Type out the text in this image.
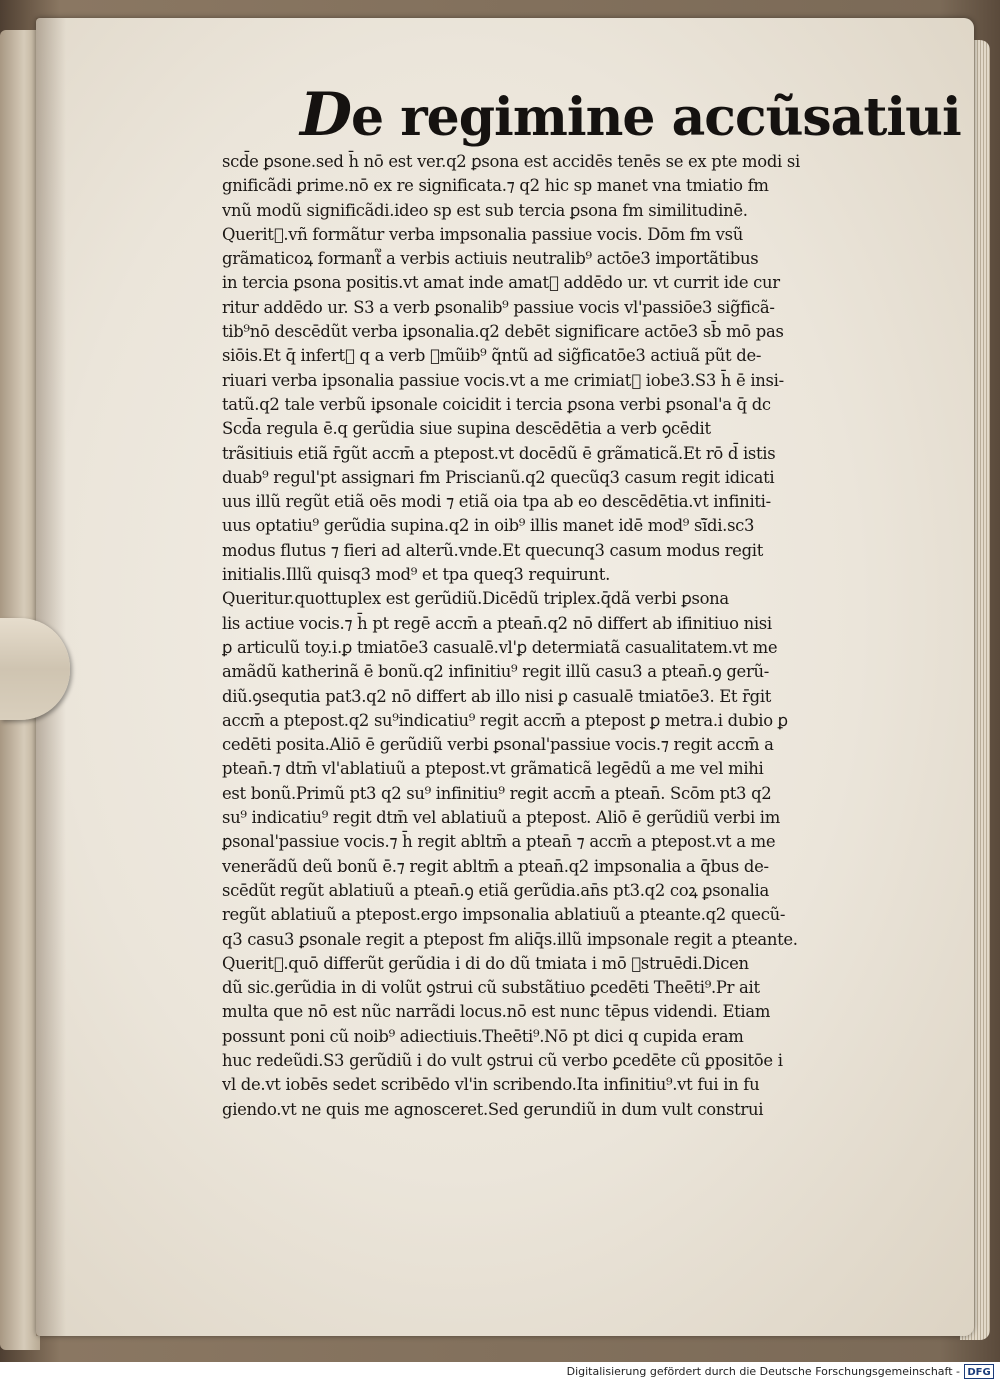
De regimine accũsatiui
scd̄e ꝑsone.sed h̄ nō est ver.q2 ꝑsona est accidēs tenēs se ex pte modi si
gnificãdi ꝑrime.nō ex re significata.⁊ q2 hic sp manet vna tmiatio fm
vnũ modũ significãdi.ideo sp est sub tercia ꝑsona fm similitudinē.
Querit᷑.vñ formãtur verba impsonalia passiue vocis. Dōm fm vsũ
grãmaticoꝝ formant᷑ a verbis actiuis neutralib⁹ actōe3 importãtibus
in tercia ꝑsona positis.vt amat inde amat᷑ addēdo ur. vt currit ide cur
ritur addēdo ur. S3 a verb ꝑsonalib⁹ passiue vocis vl'passiōe3 sig̃ficã-
tib⁹nō descēdũt verba iꝑsonalia.q2 debēt significare actōe3 sb̄ mō pas
siōis.Et q̄ infert᷑ q a verb ꝯmũib⁹ q̃ntũ ad sig̃ficatōe3 actiuã pũt de-
riuari verba ipsonalia passiue vocis.vt a me crimiat᷑ iobe3.S3 h̄ ē insi-
tatũ.q2 tale verbũ iꝑsonale coicidit i tercia ꝑsona verbi ꝑsonal'a q̄ dc
Scd̄a regula ē.q gerũdia siue supina descēdētia a verb ꝯcēdit
trãsitiuis etiã r̄gũt accm̄ a ptepost.vt docēdũ ē grãmaticã.Et rō d̄ istis
duab⁹ regul'pt assignari fm Priscianũ.q2 quecũq3 casum regit idicati
uus illũ regũt etiã oēs modi ⁊ etiã oia tpa ab eo descēdētia.vt infiniti-
uus optatiu⁹ gerũdia supina.q2 in oib⁹ illis manet idē mod⁹ sĩ̄di.sc3
modus flutus ⁊ fieri ad alterũ.vnde.Et quecunq3 casum modus regit
initialis.Illũ quisq3 mod⁹ et tpa queq3 requirunt.
Queritur.quottuplex est gerũdiũ.Dicēdũ triplex.q̄dã verbi ꝑsona
lis actiue vocis.⁊ h̄ pt regē accm̄ a ptean̄.q2 nō differt ab ifinitiuo nisi
ꝑ articulũ toy.i.ꝑ tmiatōe3 casualē.vl'ꝑ determiatã casualitatem.vt me
amãdũ katherinã ē bonũ.q2 infinitiu⁹ regit illũ casu3 a ptean̄.ꝯ gerũ-
diũ.ꝯsequtia pat3.q2 nō differt ab illo nisi ꝑ casualē tmiatōe3. Et r̄git
accm̄ a ptepost.q2 su⁹indicatiu⁹ regit accm̄ a ptepost ꝑ metra.i dubio ꝑ
cedēti posita.Aliō ē gerũdiũ verbi ꝑsonal'passiue vocis.⁊ regit accm̄ a
ptean̄.⁊ dtm̄ vl'ablatiuũ a ptepost.vt grãmaticã legēdũ a me vel mihi
est bonũ.Primũ pt3 q2 su⁹ infinitiu⁹ regit accm̄ a ptean̄. Scōm pt3 q2
su⁹ indicatiu⁹ regit dtm̄ vel ablatiuũ a ptepost. Aliō ē gerũdiũ verbi im
ꝑsonal'passiue vocis.⁊ h̄ regit abltm̄ a ptean̄ ⁊ accm̄ a ptepost.vt a me
venerãdũ deũ bonũ ē.⁊ regit abltm̄ a ptean̄.q2 impsonalia a q̄bus de-
scēdũt regũt ablatiuũ a ptean̄.ꝯ etiã gerũdia.an̄s pt3.q2 coꝝ ꝑsonalia
regũt ablatiuũ a ptepost.ergo impsonalia ablatiuũ a pteante.q2 quecũ-
q3 casu3 ꝑsonale regit a ptepost fm aliq̄s.illũ impsonale regit a pteante.
Querit᷑.quō differũt gerũdia i di do dũ tmiata i mō ꝯstruēdi.Dicen
dũ sic.gerũdia in di volũt ꝯstrui cũ substãtiuo ꝑcedēti Theēti⁹.Pr ait
multa que nō est nũc narrãdi locus.nō est nunc tēpus videndi. Etiam
possunt poni cũ noib⁹ adiectiuis.Theēti⁹.Nō pt dici q cupida eram
huc redeũdi.S3 gerũdiũ i do vult ꝯstrui cũ verbo ꝑcedēte cũ ꝑpositōe i
vl de.vt iobēs sedet scribēdo vl'in scribendo.Ita infinitiu⁹.vt fui in fu
giendo.vt ne quis me agnosceret.Sed gerundiũ in dum vult construi
Digitalisierung gefördert durch die Deutsche Forschungsgemeinschaft - DFG
